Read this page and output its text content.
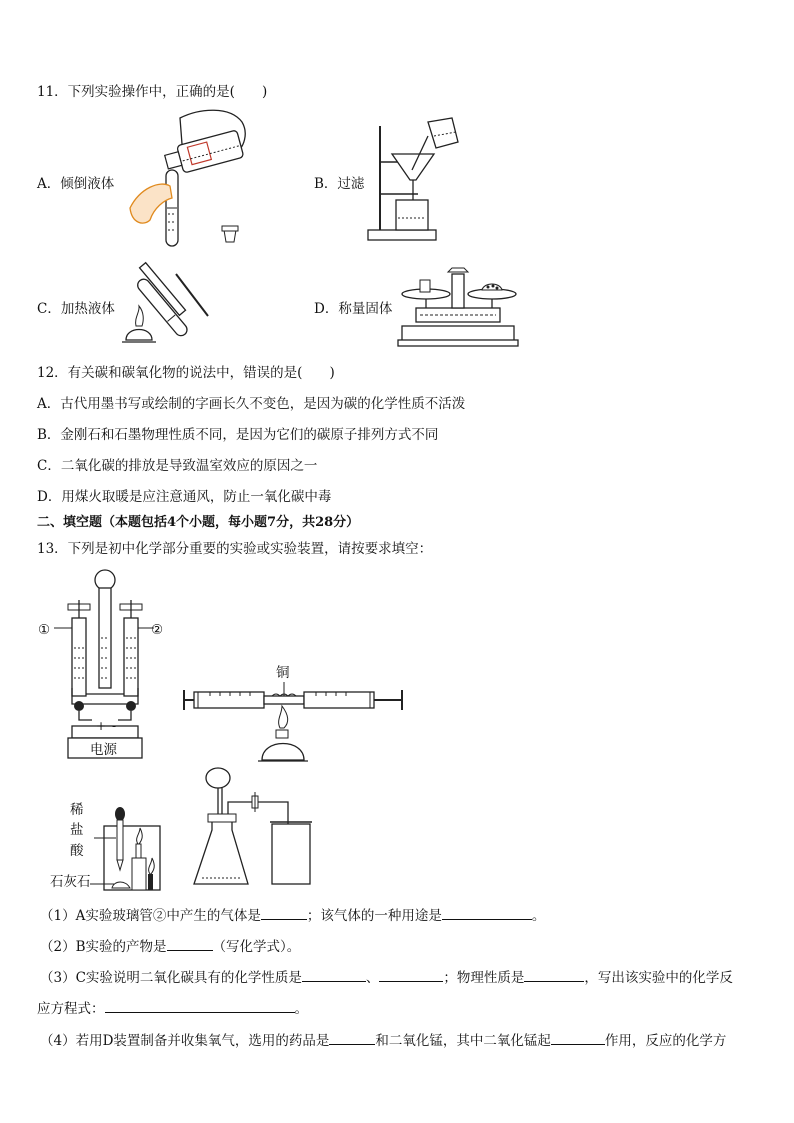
11．下列实验操作中，正确的是(　　)
A．倾倒液体	B．过滤
C．加热液体	D．称量固体
12．有关碳和碳氧化物的说法中，错误的是(　　)
A．古代用墨书写或绘制的字画长久不变色，是因为碳的化学性质不活泼
B．金刚石和石墨物理性质不同，是因为它们的碳原子排列方式不同
C．二氧化碳的排放是导致温室效应的原因之一
D．用煤火取暖是应注意通风，防止一氧化碳中毒
二、填空题（本题包括4个小题，每小题7分，共28分）
13．下列是初中化学部分重要的实验或实验装置，请按要求填空：
①	②
+ -
电源
铜
稀
盐
酸
石灰石
（1）A实验玻璃管②中产生的气体是	；该气体的一种用途是	。
（2）B实验的产物是	（写化学式）。
（3）C实验说明二氧化碳具有的化学性质是	、	；物理性质是	，写出该实验中的化学反
应方程式：	。
（4）若用D装置制备并收集氧气，选用的药品是	和二氧化锰，其中二氧化锰起	作用，反应的化学方
